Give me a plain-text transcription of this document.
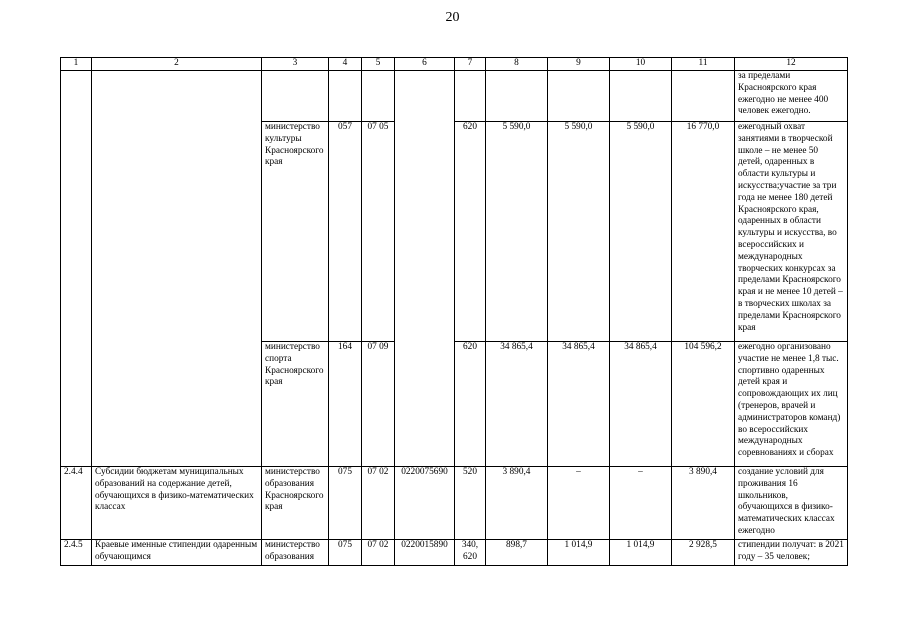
20
1	2	3	4	5	6	7	8	9	10	11	12
											за пределами Красноярского края ежегодно не менее 400 человек ежегодно.
		министерство культуры Красноярского края	057	07 05		620	5 590,0	5 590,0	5 590,0	16 770,0	ежегодный охват занятиями в творческой школе – не менее 50 детей, одаренных в области культуры и искусства;участие за три года не менее 180 детей Красноярского края, одаренных в области культуры и искусства, во всероссийских и международных творческих конкурсах за пределами Красноярского края и не менее 10 детей – в творческих школах за пределами Красноярского края
		министерство спорта Красноярского края	164	07 09		620	34 865,4	34 865,4	34 865,4	104 596,2	ежегодно организовано участие не менее 1,8 тыс. спортивно одаренных детей края и сопровождающих их лиц (тренеров, врачей и администраторов команд) во всероссийских международных соревнованиях и сборах
2.4.4	Субсидии бюджетам муниципальных образований на содержание детей, обучающихся в физико-математических классах	министерство образования Красноярского края	075	07 02	0220075690	520	3 890,4	–	–	3 890,4	создание условий для проживания 16 школьников, обучающихся в физико-математических классах ежегодно
2.4.5	Краевые именные стипендии одаренным обучающимся	министерство образования	075	07 02	0220015890	340, 620	898,7	1 014,9	1 014,9	2 928,5	стипендии получат: в 2021 году – 35 человек;
